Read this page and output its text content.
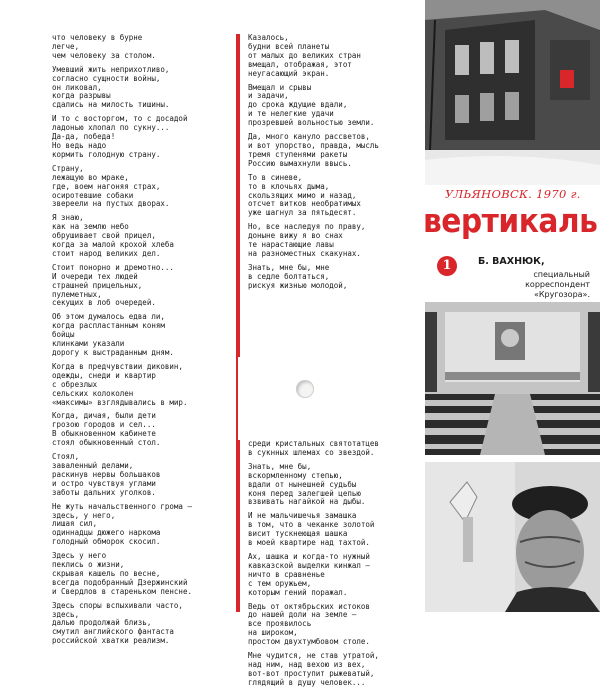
что человеку в бурне
легче,
чем человеку за столом.
Умевший жить неприхотливо,
согласно сущности войны,
он ликовал,
когда разрывы
сдались на милость тишины.
И то с восторгом, то с досадой
ладонью хлопал по сукну...
Да-да, победа!
Но ведь надо
кормить голодную страну.
Страну,
лежащую во мраке,
где, воем нагоняя страх,
осиротевшие собаки
звереели на пустых дворах.
Я знаю,
как на землю небо
обрушивает свой прицел,
когда за малой крохой хлеба
стоит народ великих дел.
Стоит понорно и дремотно...
И очереди тех людей
страшней прицельных,
пулеметных,
секущих в лоб очередей.
Об этом думалось едва ли,
когда распластанным коням
бойцы
клинками указали
дорогу к выстраданным дням.
Когда в предчувствии диковин,
одежды, снеди и квартир
с обрезлых
сельских колоколен
«максимы» взглядывались в мир.
Когда, дичая, были дети
грозою городов и сел...
В обыкновенном кабинете
стоял обыкновенный стол.
Стоял,
заваленный делами,
раскинув нервы большаков
и остро чувствуя углами
заботы дальних уголков.
Не жуть начальственного грома —
здесь, у него,
лишая сил,
одиннадцы дюжего наркома
голодный обморок скосил.
Здесь у него
пеклись о жизни,
скрывая кашель по весне,
всегда подобранный Дзержинский
и Свердлов в стареньком пенсне.
Здесь споры вспыхивали часто,
здесь,
далью продолжай близь,
смутил английского фантаста
российской хватки реализм.
Казалось,
будни всей планеты
от малых до великих стран
вмещал, отображая, этот
неугасающий экран.
Вмещал и срывы
и задачи,
до срока ждущие вдали,
и те нелегкие удачи
прозревшей вольностью земли.
Да, много канулo рассветов,
и вот упорство, правда, мысль
тремя ступенями ракеты
Россию вымахнули ввысь.
То в синеве,
то в клочьях дыма,
скользящих мимо и назад,
отсчет витков необратимых
уже шагнул за пятьдесят.
Но, все наследуя по праву,
доныне вижу я во снах
те нарастающие лавы
на разноместных скакунах.
Знать, мне бы, мне
в седле болтаться,
рискуя жизнью молодой,
среди кристальных святотатцев
в сукнных шлемах со звездой.
Знать, мне бы,
вскормленному степью,
вдали от нынешней судьбы
коня перед залегшей цепью
взвивать нагайкой на дыбы.
И не мальчишечья замашка
в том, что в чеканке золотой
висит тускнеющая шашка
в моей квартире над тахтой.
Ах, шашка и когда-то нужный
кавказской выделки кинжал —
ничто в сравненье
с тем оружьем,
которым гений поражал.
Ведь от октябрьских истоков
до нашей доли на земле —
все проявилось
на широком,
простом двухтумбовом столе.
Мне чудится, не став утратой,
над ним, над вехою из вех,
вот-вот проступит рыжеватый,
глядящий в душу человек...
УЛЬЯНОВСК. 1970 г.
вертикаль
1	Б. ВАХНЮК,
специальный
корреспондент
«Кругозора».
